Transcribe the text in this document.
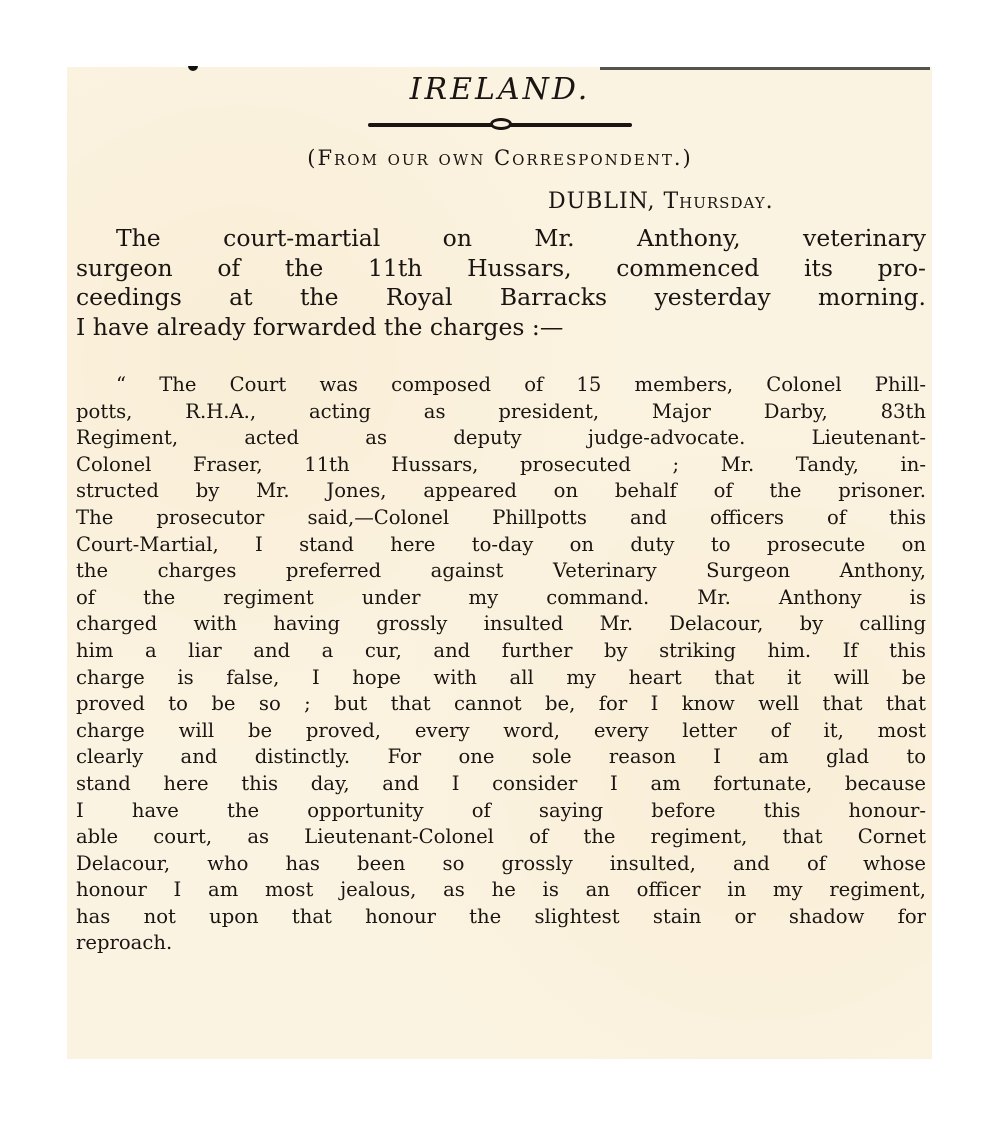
IRELAND.
(From our own Correspondent.)
DUBLIN, Thursday.
The court-martial on Mr. Anthony, veterinary
surgeon of the 11th Hussars, commenced its pro-
ceedings at the Royal Barracks yesterday morning.
I have already forwarded the charges :—
“ The Court was composed of 15 members, Colonel Phill-
potts, R.H.A., acting as president, Major Darby, 83th
Regiment, acted as deputy judge-advocate. Lieutenant-
Colonel Fraser, 11th Hussars, prosecuted ; Mr. Tandy, in-
structed by Mr. Jones, appeared on behalf of the prisoner.
The prosecutor said,—Colonel Phillpotts and officers of this
Court-Martial, I stand here to-day on duty to prosecute on
the charges preferred against Veterinary Surgeon Anthony,
of the regiment under my command. Mr. Anthony is
charged with having grossly insulted Mr. Delacour, by calling
him a liar and a cur, and further by striking him. If this
charge is false, I hope with all my heart that it will be
proved to be so ; but that cannot be, for I know well that that
charge will be proved, every word, every letter of it, most
clearly and distinctly. For one sole reason I am glad to
stand here this day, and I consider I am fortunate, because
I have the opportunity of saying before this honour-
able court, as Lieutenant-Colonel of the regiment, that Cornet
Delacour, who has been so grossly insulted, and of whose
honour I am most jealous, as he is an officer in my regiment,
has not upon that honour the slightest stain or shadow for
reproach.
